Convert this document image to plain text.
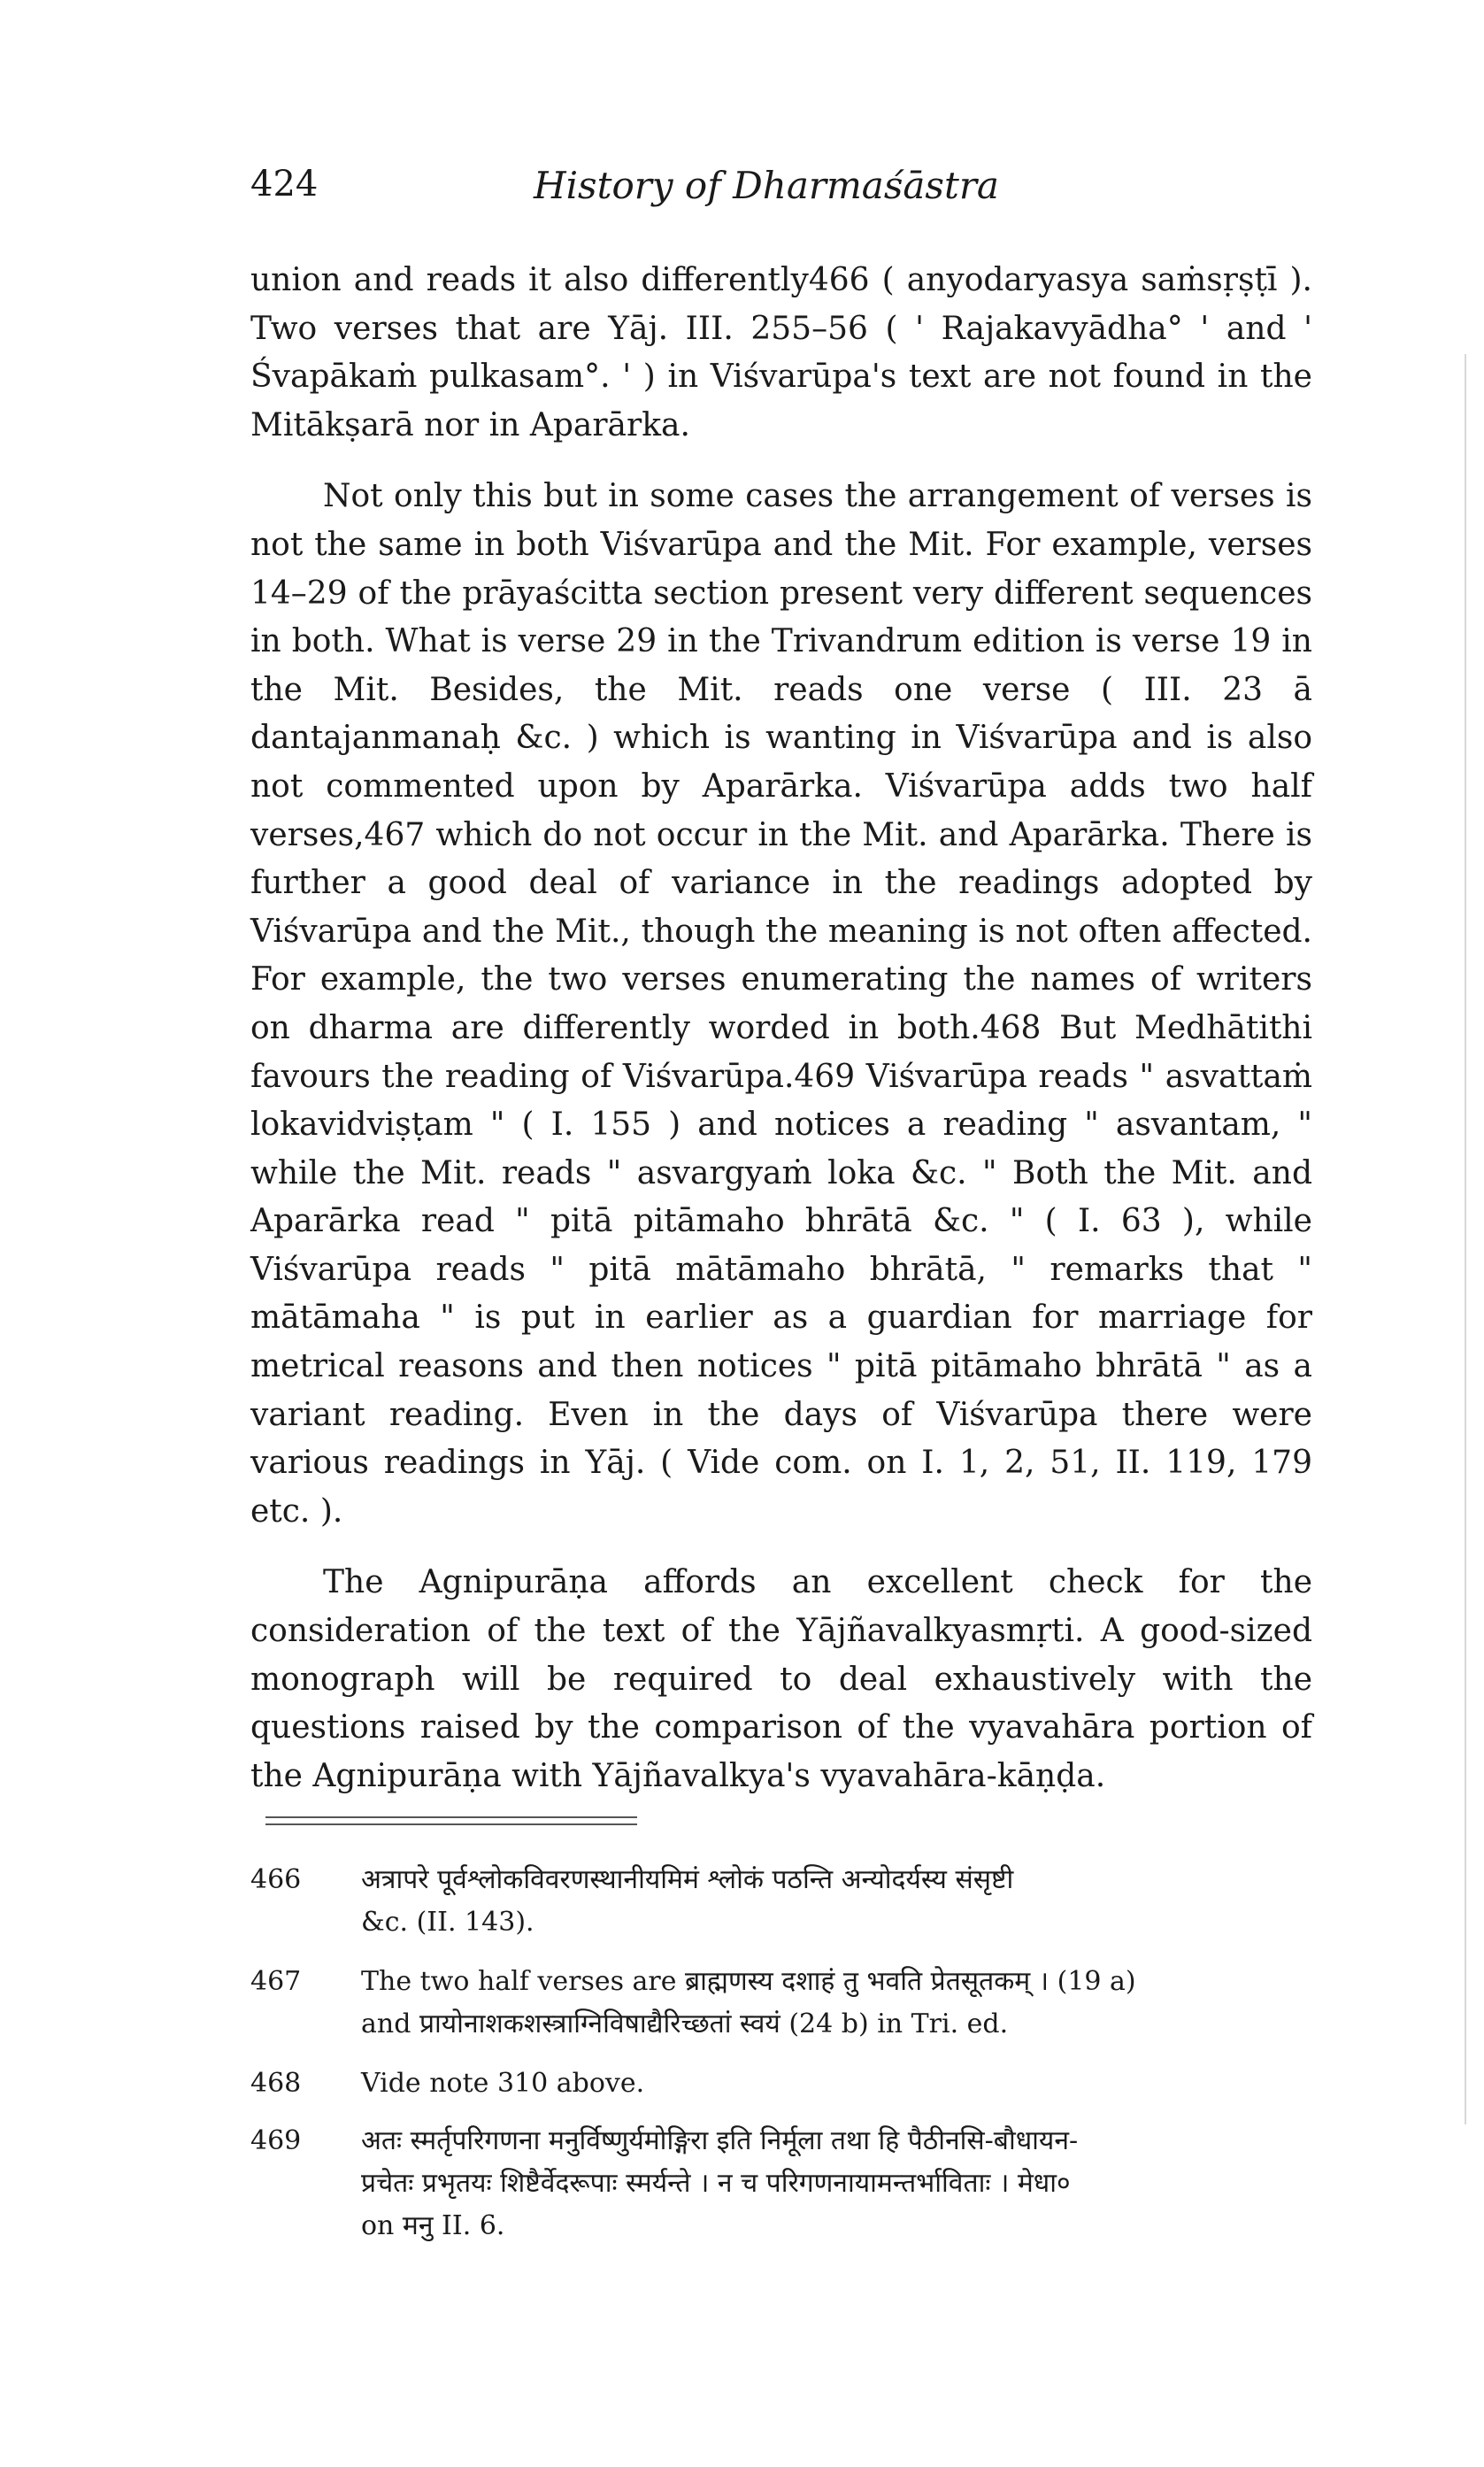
424	History of Dharmaśāstra

union and reads it also differently466 ( anyodaryasya saṁsṛṣṭī ). Two verses that are Yāj. III. 255–56 ( ' Rajakavyādha° ' and ' Śvapākaṁ pulkasam°. ' ) in Viśvarūpa's text are not found in the Mitākṣarā nor in Aparārka.

Not only this but in some cases the arrangement of verses is not the same in both Viśvarūpa and the Mit. For example, verses 14–29 of the prāyaścitta section present very different sequences in both. What is verse 29 in the Trivandrum edition is verse 19 in the Mit. Besides, the Mit. reads one verse ( III. 23 ā dantajanmanaḥ &c. ) which is wanting in Viśvarūpa and is also not commented upon by Aparārka. Viśvarūpa adds two half verses,467 which do not occur in the Mit. and Aparārka. There is further a good deal of variance in the readings adopted by Viśvarūpa and the Mit., though the meaning is not often affected. For example, the two verses enumerating the names of writers on dharma are differently worded in both.468 But Medhātithi favours the reading of Viśvarūpa.469 Viśvarūpa reads " asvattaṁ lokavidviṣṭam " ( I. 155 ) and notices a reading " asvantam, " while the Mit. reads " asvargyaṁ loka &c. " Both the Mit. and Aparārka read " pitā pitāmaho bhrātā &c. " ( I. 63 ), while Viśvarūpa reads " pitā mātāmaho bhrātā, " remarks that " mātāmaha " is put in earlier as a guardian for marriage for metrical reasons and then notices " pitā pitāmaho bhrātā " as a variant reading. Even in the days of Viśvarūpa there were various readings in Yāj. ( Vide com. on I. 1, 2, 51, II. 119, 179 etc. ).

The Agnipurāṇa affords an excellent check for the consideration of the text of the Yājñavalkyasmṛti. A good-sized monograph will be required to deal exhaustively with the questions raised by the comparison of the vyavahāra portion of the Agnipurāṇa with Yājñavalkya's vyavahāra-kāṇḍa.

466 अत्रापरे पूर्वश्लोकविवरणस्थानीयमिमं श्लोकं पठन्ति अन्योदर्यस्य संसृष्टी
&c. (II. 143).
467 The two half verses are ब्राह्मणस्य दशाहं तु भवति प्रेतसूतकम् । (19 a)
and प्रायोनाशकशस्त्राग्निविषाद्यैरिच्छतां स्वयं (24 b) in Tri. ed.
468 Vide note 310 above.
469 अतः स्मर्तृपरिगणना मनुर्विष्णुर्यमोङ्गिरा इति निर्मूला तथा हि पैठीनसि-बौधायन-
प्रचेतः प्रभृतयः शिष्टैर्वेदरूपाः स्मर्यन्ते । न च परिगणनायामन्तर्भाविताः । मेधा०
on मनु II. 6.
